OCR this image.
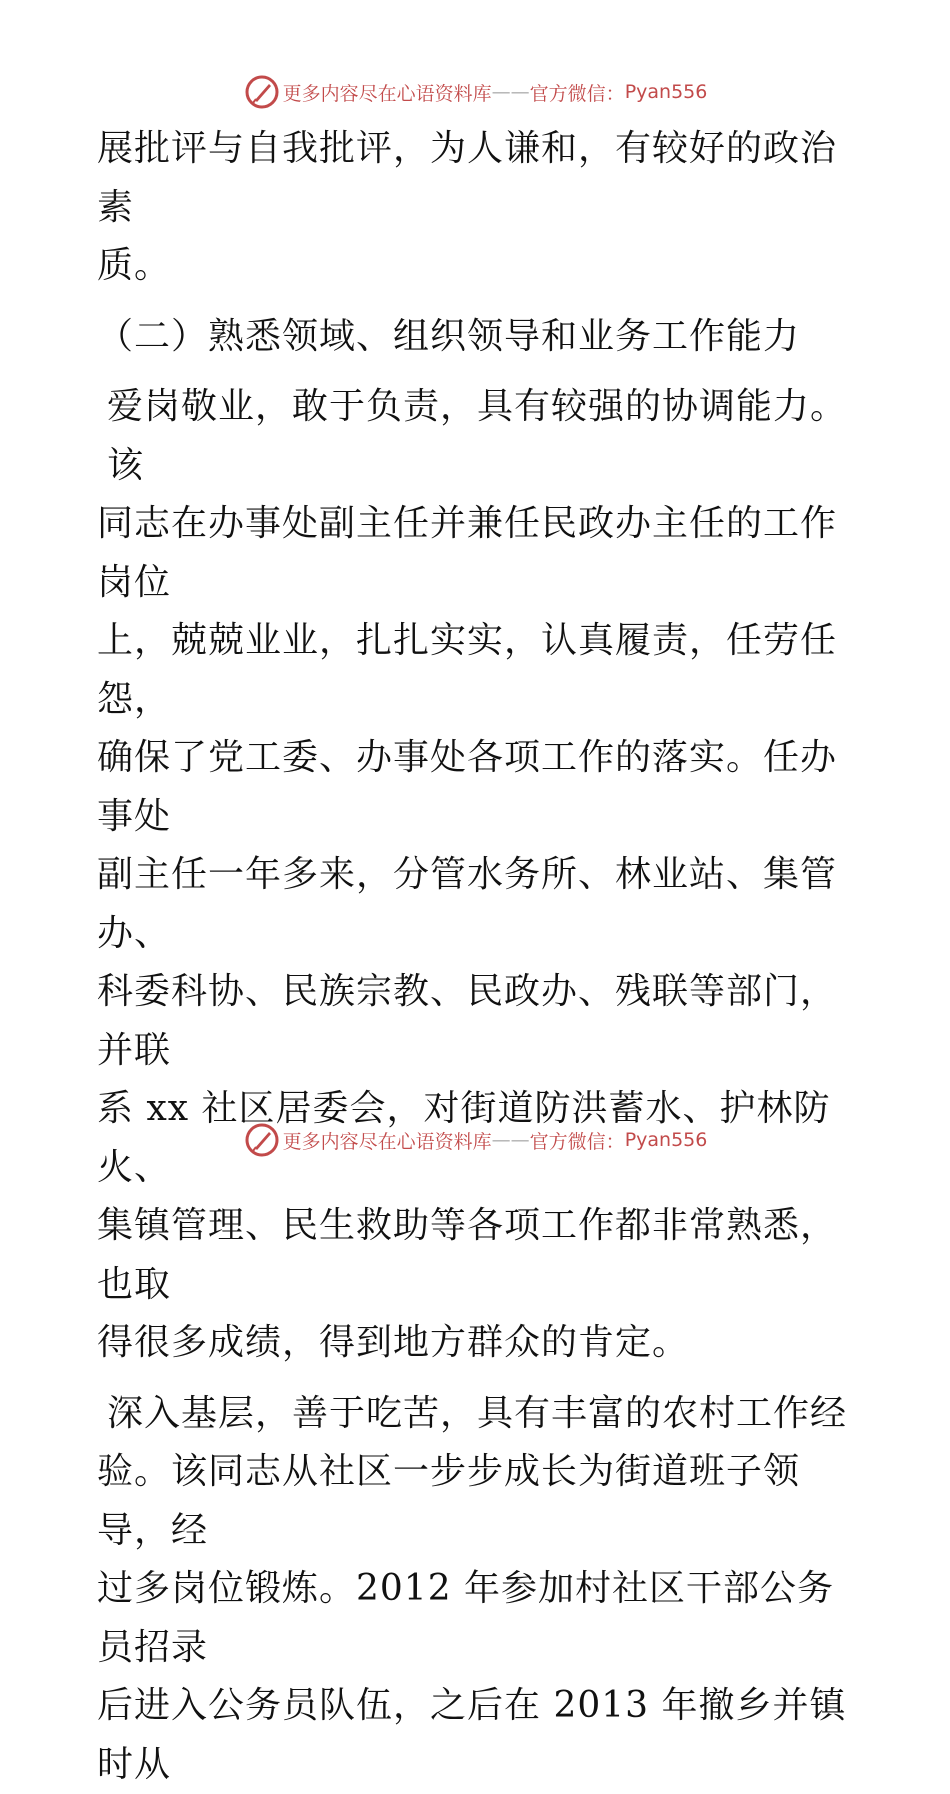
更多内容尽在心语资料库 —— 官方微信： Pyan556
展批评与自我批评，为人谦和，有较好的政治素
质。
（二）熟悉领域、组织领导和业务工作能力
爱岗敬业，敢于负责，具有较强的协调能力。该
同志在办事处副主任并兼任民政办主任的工作岗位
上，兢兢业业，扎扎实实，认真履责，任劳任怨，
确保了党工委、办事处各项工作的落实。任办事处
副主任一年多来，分管水务所、林业站、集管办、
科委科协、民族宗教、民政办、残联等部门，并联
系 xx 社区居委会，对街道防洪蓄水、护林防火、
集镇管理、民生救助等各项工作都非常熟悉，也取
得很多成绩，得到地方群众的肯定。
深入基层，善于吃苦，具有丰富的农村工作经
验。该同志从社区一步步成长为街道班子领导，经
过多岗位锻炼。2012 年参加村社区干部公务员招录
后进入公务员队伍，之后在 2013 年撤乡并镇时从
更多内容尽在心语资料库 —— 官方微信： Pyan556
